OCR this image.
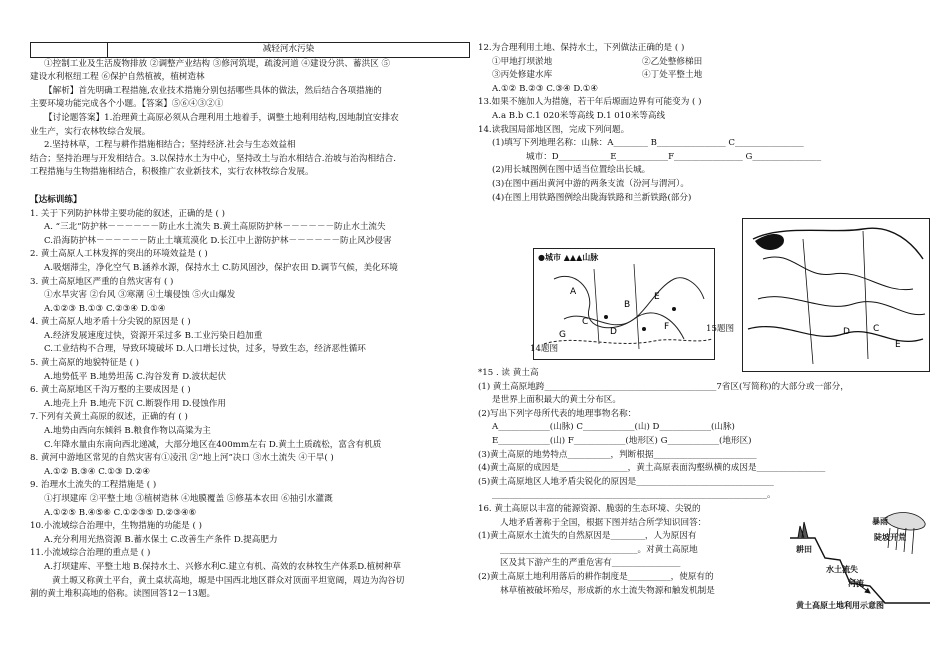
	减轻河水污染
①控制工业及生活废物排放 ②调整产业结构 ③修河筑堤，疏浚河道 ④建设分洪、蓄洪区 ⑤
建设水利枢纽工程 ⑥保护自然植被，植树造林
【解析】首先明确工程措施,农业技术措施分别包括哪些具体的做法，然后结合各项措施的
主要环境功能完成各个小题。【答案】⑤⑥④③②①
【讨论题答案】1.治理黄土高原必须从合理利用土地着手，调整土地利用结构,因地制宜安排农
业生产，实行农林牧综合发展。
2.坚持林草，工程与耕作措施相结合；坚持经济.社会与生态效益相
结合；坚持治理与开发相结合。3.以保持水土为中心，坚持改土与治水相结合.治坡与治沟相结合.
工程措施与生物措施相结合，积极推广农业新技术，实行农林牧综合发展。
【达标训练】
1. 关于下列防护林带主要功能的叙述，正确的是 ( )
A. “三北”防护林－－－－－－防止水土流失 B.黄土高原防护林－－－－－－防止水土流失
C.沿海防护林－－－－－－防止土壤荒漠化 D.长江中上游防护林－－－－－－防止风沙侵害
2. 黄土高原人工林发挥的突出的环境效益是 ( )
A.吸烟滞尘，净化空气 B.涵养水源，保持水土 C.防风固沙，保护农田 D.调节气候，美化环境
3. 黄土高原地区严重的自然灾害有 ( )
①水旱灾害 ②台风 ③寒潮 ④土壤侵蚀 ⑤火山爆发
A.①②③ B.①③ C.②③④ D.①④
4. 黄土高原人地矛盾十分尖锐的原因是 ( )
A.经济发展速度过快，资源开采过多 B.工业污染日趋加重
C.工业结构不合理，导致环境破坏 D.人口增长过快，过多，导致生态，经济恶性循环
5. 黄土高原的地貌特征是 ( )
A.地势低平 B.地势坦荡 C.沟谷发育 D.波状起伏
6. 黄土高原地区千沟万壑的主要成因是 ( )
A.地壳上升 B.地壳下沉 C.断裂作用 D.侵蚀作用
7.下列有关黄土高原的叙述，正确的有 ( )
A.地势由西向东倾斜 B.粮食作物以高粱为主
C.年降水量由东南向西北递减，大部分地区在400mm左右 D.黄土土质疏松，富含有机质
8. 黄河中游地区常见的自然灾害有①凌汛 ②“地上河”决口 ③水土流失 ④干旱( )
A.①② B.③④ C.①③ D.②④
9. 治理水土流失的工程措施是 ( )
①打坝建库 ②平整土地 ③植树造林 ④地膜覆盖 ⑤修基本农田 ⑥抽引水灌溉
A.①②⑤ B.④⑤⑥ C.①②③⑤ D.②③④⑥
10.小流域综合治理中，生物措施的功能是 ( )
A.充分利用光热资源 B.蓄水保土 C.改善生产条件 D.提高肥力
11.小流域综合治理的重点是 ( )
A.打坝建库、平整土地 B.保持水土、兴修水利C.建立有机、高效的农林牧生产体系D.植树种草
黄土塬又称黄土平台，黄土桌状高地，塬是中国西北地区群众对顶面平坦宽阔，周边为沟谷切
割的黄土堆积高地的俗称。读图回答12－13题。
12.为合理利用土地、保持水土，下列做法正确的是 ( )
①甲地打坝淤地	②乙处整修梯田
③丙处修建水库	④丁处平整土地
A.①② B.②③ C.③④ D.①④
13.如果不施加人为措施，若干年后塬面边界有可能变为 ( )
A.a B.b C.1 020米等高线 D.1 010米等高线
14.读我国局部地区图，完成下列问题。
(1)填写下列地理名称：山脉：A________ B________________ C________________
城市：D____________E____________F________________ G________________
(2)用长城图例在图中适当位置绘出长城。
(3)在图中画出黄河中游的两条支流（汾河与渭河）。
(4)在图上用铁路图例绘出陇海铁路和兰新铁路(部分)
A
B
C
D
E
F
G
●城市 ▲▲▲山脉
14题图
D	C
E
15题图
*15 . 读 黄土高
(1) 黄土高原地跨________________________________________7省区(写简称)的大部分或一部分，
是世界上面积最大的黄土分布区。
(2)写出下列字母所代表的地理事物名称：
A____________(山脉) C____________(山) D____________(山脉)
E____________(山) F____________(地形区) G____________(地形区)
(3)黄土高原的地势特点__________，判断根据________________________
(4)黄土高原的成因是________________，黄土高原表面沟壑纵横的成因是________________
(5)黄土高原地区人地矛盾尖锐化的原因是________________________________
________________________________________________________________。
16. 黄土高原以丰富的能源资源、脆弱的生态环境、尖锐的
人地矛盾著称于全国，根据下图并结合所学知识回答：
(1)黄土高原水土流失的自然原因是________，人为原因有
________________________________。对黄土高原地
区及其下游产生的严重危害有________________
(2)黄土高原土地利用落后的耕作制度是__________，使原有的
林草植被破坏殆尽，形成新的水土流失物源和触发机制是
暴雨
陡坡开荒
耕田
水土流失
河流
黄土高原土地利用示意图
